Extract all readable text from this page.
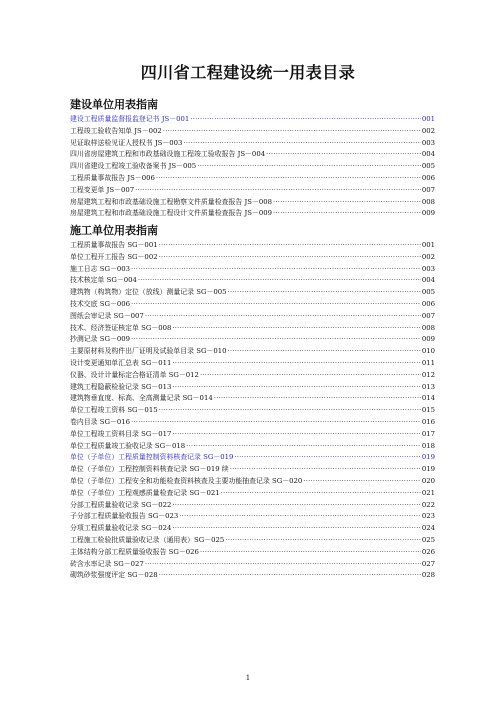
四川省工程建设统一用表目录
建设单位用表指南
建设工程质量监督报监登记书 JS－001 ·····	001
工程竣工验收告知单 JS－002 ·····	002
见证取样送检见证人授权书 JS－003 ·····	003
四川省房屋建筑工程和市政基础设施工程竣工验收报告 JS－004 ·····	004
四川省建设工程竣工验收备案书 JS－005 ·····	005
工程质量事故报告 JS－006 ·····	006
工程变更单 JS－007 ·····	007
房屋建筑工程和市政基础设施工程勘察文件质量检查报告 JS－008 ·····	008
房屋建筑工程和市政基础设施工程设计文件质量检查报告 JS－009 ·····	009
施工单位用表指南
工程质量事故报告 SG－001 ·····	001
单位工程开工报告 SG－002 ·····	002
施工日志 SG－003 ·····	003
技术核定单 SG－004 ·····	004
建筑物（构筑物）定位（放线）测量记录 SG－005 ·····	005
技术交底 SG－006 ·····	006
图纸会审记录 SG－007 ·····	007
技术、经济签证核定单 SG－008 ·····	008
抄测记录 SG－009 ·····	009
主要原材料及构件出厂证明及试验单目录 SG－010 ·····	010
设计变更通知单汇总表 SG－011 ·····	011
仪器、设计计量标定合格证清单 SG－012 ·····	012
建筑工程隐蔽检验记录 SG－013 ·····	013
建筑物垂直度、标高、全高测量记录 SG－014 ·····	014
单位工程竣工资料 SG－015 ·····	015
卷内目录 SG－016 ·····	016
单位工程竣工资料目录 SG－017 ·····	017
单位工程质量竣工验收记录 SG－018 ·····	018
单位（子单位）工程质量控制资料核查记录 SG－019 ·····	019
单位（子单位）工程控制资料核查记录 SG－019 续 ·····	019
单位（子单位）工程安全和功能检查资料核查及主要功能抽查记录 SG－020 ·····	020
单位（子单位）工程观感质量检查记录 SG－021 ·····	021
分部工程质量验收记录 SG－022 ·····	022
子分部工程质量验收报告 SG－023 ·····	023
分项工程质量验收记录 SG－024 ·····	024
工程施工检验批质量验收记录（通用表）SG－025 ·····	025
主体结构分部工程质量验收报告 SG－026 ·····	026
砖含水率记录 SG－027 ·····	027
砌筑砂浆强度评定 SG－028 ·····	028
1
